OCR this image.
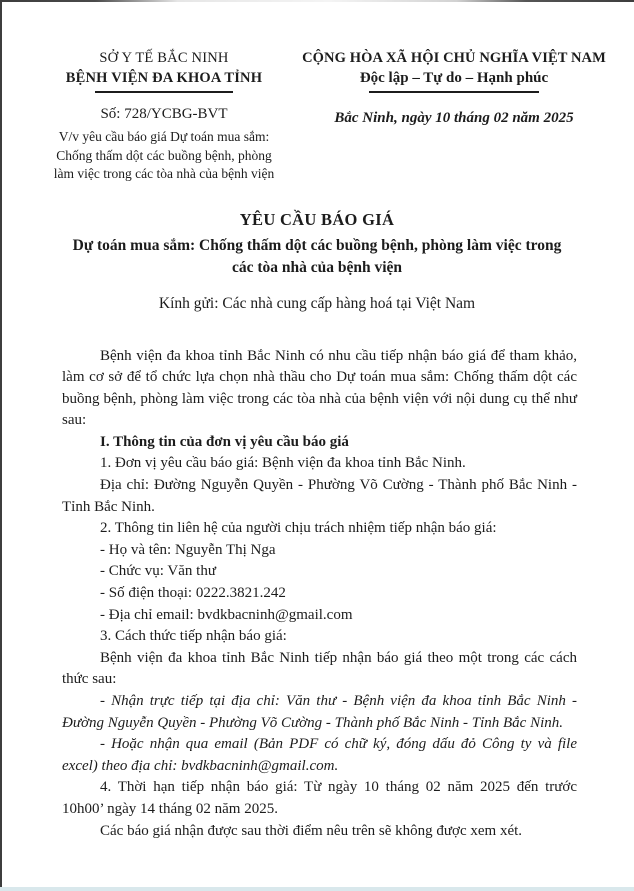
SỞ Y TẾ BẮC NINH
BỆNH VIỆN ĐA KHOA TỈNH
Số: 728/YCBG-BVT
V/v yêu cầu báo giá Dự toán mua sắm: Chống thấm dột các buồng bệnh, phòng làm việc trong các tòa nhà của bệnh viện
CỘNG HÒA XÃ HỘI CHỦ NGHĨA VIỆT NAM
Độc lập – Tự do – Hạnh phúc
Bắc Ninh, ngày 10 tháng 02 năm 2025
YÊU CẦU BÁO GIÁ
Dự toán mua sắm: Chống thấm dột các buồng bệnh, phòng làm việc trong các tòa nhà của bệnh viện
Kính gửi: Các nhà cung cấp hàng hoá tại Việt Nam

Bệnh viện đa khoa tỉnh Bắc Ninh có nhu cầu tiếp nhận báo giá để tham khảo, làm cơ sở để tổ chức lựa chọn nhà thầu cho Dự toán mua sắm: Chống thấm dột các buồng bệnh, phòng làm việc trong các tòa nhà của bệnh viện với nội dung cụ thể như sau:

I. Thông tin của đơn vị yêu cầu báo giá

1. Đơn vị yêu cầu báo giá: Bệnh viện đa khoa tỉnh Bắc Ninh.

Địa chỉ: Đường Nguyễn Quyền - Phường Võ Cường - Thành phố Bắc Ninh - Tỉnh Bắc Ninh.

2. Thông tin liên hệ của người chịu trách nhiệm tiếp nhận báo giá:

- Họ và tên: Nguyễn Thị Nga

- Chức vụ: Văn thư

- Số điện thoại: 0222.3821.242

- Địa chỉ email: bvdkbacninh@gmail.com

3. Cách thức tiếp nhận báo giá:

Bệnh viện đa khoa tỉnh Bắc Ninh tiếp nhận báo giá theo một trong các cách thức sau:

- Nhận trực tiếp tại địa chỉ: Văn thư - Bệnh viện đa khoa tỉnh Bắc Ninh - Đường Nguyễn Quyền - Phường Võ Cường - Thành phố Bắc Ninh - Tỉnh Bắc Ninh.

- Hoặc nhận qua email (Bản PDF có chữ ký, đóng dấu đỏ Công ty và file excel) theo địa chỉ: bvdkbacninh@gmail.com.

4. Thời hạn tiếp nhận báo giá: Từ ngày 10 tháng 02 năm 2025 đến trước 10h00’ ngày 14 tháng 02 năm 2025.

Các báo giá nhận được sau thời điểm nêu trên sẽ không được xem xét.
